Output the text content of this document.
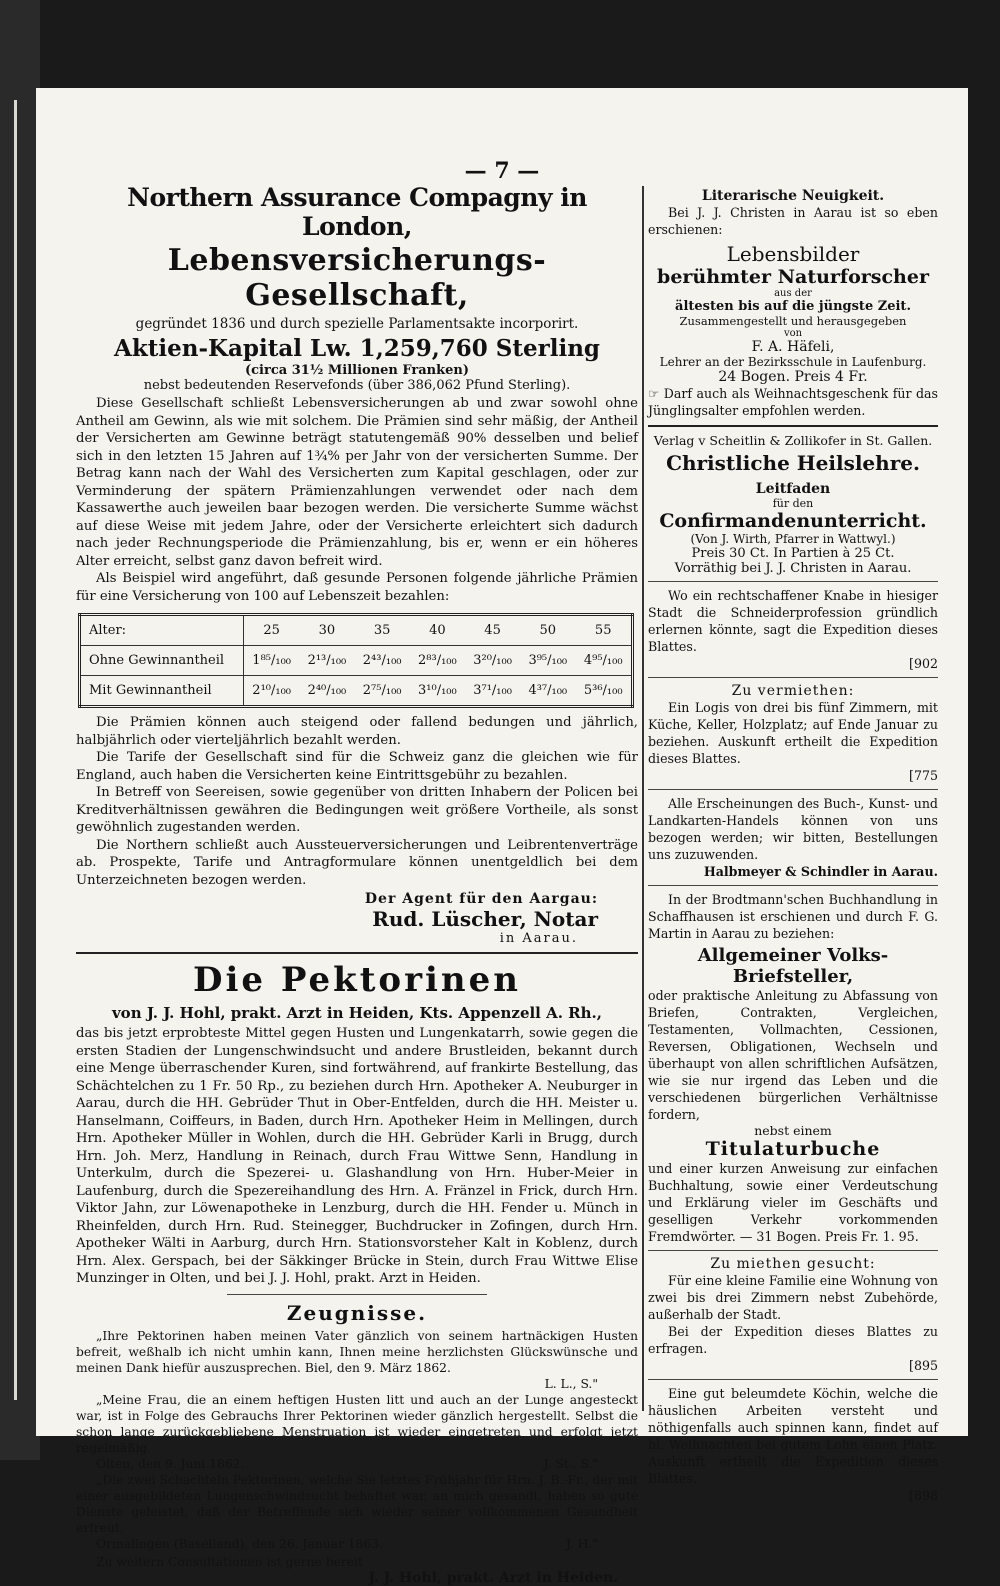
— 7 —
Northern Assurance Compagny in London,
Lebensversicherungs-Gesellschaft,
gegründet 1836 und durch spezielle Parlamentsakte incorporirt.
Aktien-Kapital Lw. 1,259,760 Sterling
(circa 31½ Millionen Franken)
nebst bedeutenden Reservefonds (über 386,062 Pfund Sterling).

Diese Gesellschaft schließt Lebensversicherungen ab und zwar sowohl ohne Antheil am Gewinn, als wie mit solchem. Die Prämien sind sehr mäßig, der Antheil der Versicherten am Gewinne beträgt statutengemäß 90% desselben und belief sich in den letzten 15 Jahren auf 1¾% per Jahr von der versicherten Summe. Der Betrag kann nach der Wahl des Versicherten zum Kapital geschlagen, oder zur Verminderung der spätern Prämienzahlungen verwendet oder nach dem Kassawerthe auch jeweilen baar bezogen werden. Die versicherte Summe wächst auf diese Weise mit jedem Jahre, oder der Versicherte erleichtert sich dadurch nach jeder Rechnungsperiode die Prämienzahlung, bis er, wenn er ein höheres Alter erreicht, selbst ganz davon befreit wird.

Als Beispiel wird angeführt, daß gesunde Personen folgende jährliche Prämien für eine Versicherung von 100 auf Lebenszeit bezahlen:

Alter:	25	30	35	40	45	50	55
Ohne Gewinnantheil	1⁸⁵/₁₀₀	2¹³/₁₀₀	2⁴³/₁₀₀	2⁸³/₁₀₀	3²⁰/₁₀₀	3⁹⁵/₁₀₀	4⁹⁵/₁₀₀
Mit Gewinnantheil	2¹⁰/₁₀₀	2⁴⁰/₁₀₀	2⁷⁵/₁₀₀	3¹⁰/₁₀₀	3⁷¹/₁₀₀	4³⁷/₁₀₀	5³⁶/₁₀₀

Die Prämien können auch steigend oder fallend bedungen und jährlich, halbjährlich oder vierteljährlich bezahlt werden.

Die Tarife der Gesellschaft sind für die Schweiz ganz die gleichen wie für England, auch haben die Versicherten keine Eintrittsgebühr zu bezahlen.

In Betreff von Seereisen, sowie gegenüber von dritten Inhabern der Policen bei Kreditverhältnissen gewähren die Bedingungen weit größere Vortheile, als sonst gewöhnlich zugestanden werden.

Die Northern schließt auch Aussteuerversicherungen und Leibrentenverträge ab. Prospekte, Tarife und Antragformulare können unentgeldlich bei dem Unterzeichneten bezogen werden.

Der Agent für den Aargau:
Rud. Lüscher, Notar
in Aarau.
Die Pektorinen
von J. J. Hohl, prakt. Arzt in Heiden, Kts. Appenzell A. Rh.,

das bis jetzt erprobteste Mittel gegen Husten und Lungenkatarrh, sowie gegen die ersten Stadien der Lungenschwindsucht und andere Brustleiden, bekannt durch eine Menge überraschender Kuren, sind fortwährend, auf frankirte Bestellung, das Schächtelchen zu 1 Fr. 50 Rp., zu beziehen durch Hrn. Apotheker A. Neuburger in Aarau, durch die HH. Gebrüder Thut in Ober-Entfelden, durch die HH. Meister u. Hanselmann, Coiffeurs, in Baden, durch Hrn. Apotheker Heim in Mellingen, durch Hrn. Apotheker Müller in Wohlen, durch die HH. Gebrüder Karli in Brugg, durch Hrn. Joh. Merz, Handlung in Reinach, durch Frau Wittwe Senn, Handlung in Unterkulm, durch die Spezerei- u. Glashandlung von Hrn. Huber-Meier in Laufenburg, durch die Spezereihandlung des Hrn. A. Fränzel in Frick, durch Hrn. Viktor Jahn, zur Löwenapotheke in Lenzburg, durch die HH. Fender u. Münch in Rheinfelden, durch Hrn. Rud. Steinegger, Buchdrucker in Zofingen, durch Hrn. Apotheker Wälti in Aarburg, durch Hrn. Stationsvorsteher Kalt in Koblenz, durch Hrn. Alex. Gerspach, bei der Säkkinger Brücke in Stein, durch Frau Wittwe Elise Munzinger in Olten, und bei J. J. Hohl, prakt. Arzt in Heiden.

Zeugnisse.

„Ihre Pektorinen haben meinen Vater gänzlich von seinem hartnäckigen Husten befreit, weßhalb ich nicht umhin kann, Ihnen meine herzlichsten Glückswünsche und meinen Dank hiefür auszusprechen. Biel, den 9. März 1862.

L. L., S."

„Meine Frau, die an einem heftigen Husten litt und auch an der Lunge angesteckt war, ist in Folge des Gebrauchs Ihrer Pektorinen wieder gänzlich hergestellt. Selbst die schon lange zurückgebliebene Menstruation ist wieder eingetreten und erfolgt jetzt regelmäßig.

Olten, den 9. Juni 1862.	J. St., S."

„Die zwei Schachteln Pektorinen, welche Sie letztes Frühjahr für Hrn. J. B.-Fr., der mit einer ausgebildeten Lungenschwindsucht behaftet war, an mich gesandt, haben so gute Dienste geleistet, daß der Betreffende sich wieder seiner vollkommenen Gesundheit erfreut.

Ormalingen (Baselland), den 26. Januar 1863.	J. H."
Zu weitern Consultationen ist gerne bereit
J. J. Hohl, prakt. Arzt in Heiden.
Literarische Neuigkeit.

Bei J. J. Christen in Aarau ist so eben erschienen:

Lebensbilder
berühmter Naturforscher
aus der
ältesten bis auf die jüngste Zeit.
Zusammengestellt und herausgegeben
von
F. A. Häfeli,
Lehrer an der Bezirksschule in Laufenburg.
24 Bogen. Preis 4 Fr.

☞ Darf auch als Weihnachtsgeschenk für das Jünglingsalter empfohlen werden.

Verlag v Scheitlin & Zollikofer in St. Gallen.
Christliche Heilslehre.
Leitfaden
für den
Confirmandenunterricht.
(Von J. Wirth, Pfarrer in Wattwyl.)
Preis 30 Ct. In Partien à 25 Ct.
Vorräthig bei J. J. Christen in Aarau.

Wo ein rechtschaffener Knabe in hiesiger Stadt die Schneiderprofession gründlich erlernen könnte, sagt die Expedition dieses Blattes.

[902
Zu vermiethen:

Ein Logis von drei bis fünf Zimmern, mit Küche, Keller, Holzplatz; auf Ende Januar zu beziehen. Auskunft ertheilt die Expedition dieses Blattes.

[775

Alle Erscheinungen des Buch-, Kunst- und Landkarten-Handels können von uns bezogen werden; wir bitten, Bestellungen uns zuzuwenden.

Halbmeyer & Schindler in Aarau.

In der Brodtmann'schen Buchhandlung in Schaffhausen ist erschienen und durch F. G. Martin in Aarau zu beziehen:

Allgemeiner Volks-Briefsteller,

oder praktische Anleitung zu Abfassung von Briefen, Contrakten, Vergleichen, Testamenten, Vollmachten, Cessionen, Reversen, Obligationen, Wechseln und überhaupt von allen schriftlichen Aufsätzen, wie sie nur irgend das Leben und die verschiedenen bürgerlichen Verhältnisse fordern,

nebst einem
Titulaturbuche

und einer kurzen Anweisung zur einfachen Buchhaltung, sowie einer Verdeutschung und Erklärung vieler im Geschäfts und geselligen Verkehr vorkommenden Fremdwörter. — 31 Bogen. Preis Fr. 1. 95.

Zu miethen gesucht:

Für eine kleine Familie eine Wohnung von zwei bis drei Zimmern nebst Zubehörde, außerhalb der Stadt.

Bei der Expedition dieses Blattes zu erfragen.

[895

Eine gut beleumdete Köchin, welche die häuslichen Arbeiten versteht und nöthigenfalls auch spinnen kann, findet auf hl. Weihnachten bei gutem Lohn einen Platz. Auskunft ertheilt die Expedition dieses Blattes.

[898
